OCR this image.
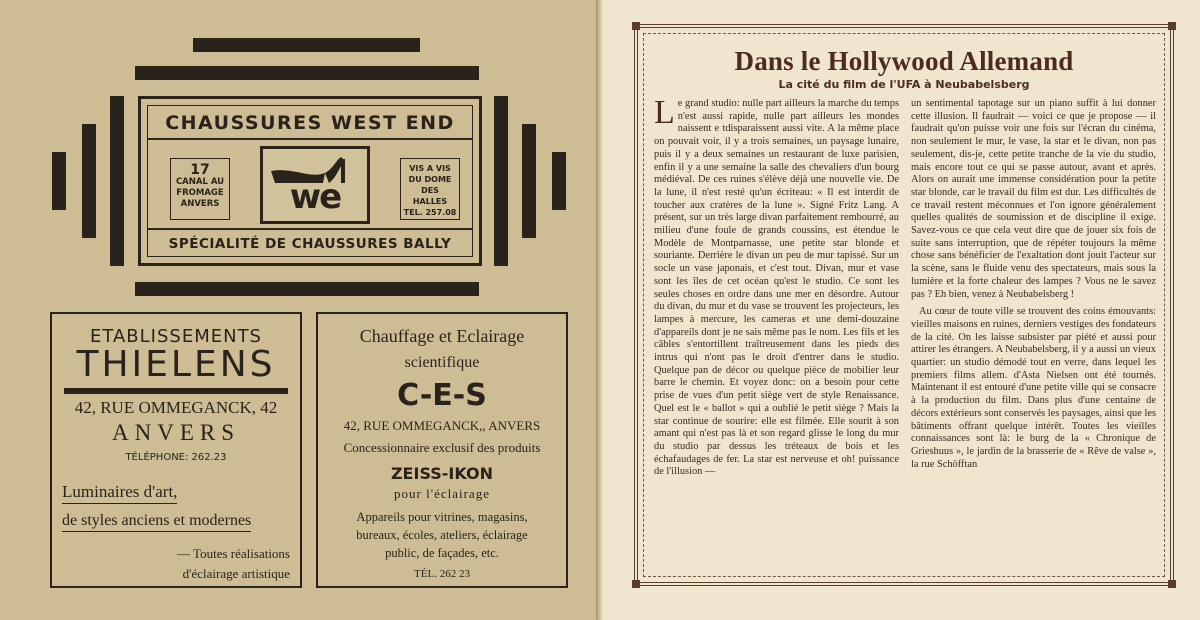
CHAUSSURES WEST END
17
CANAL AU
FROMAGE
ANVERS	we
VIS A VIS
DU DOME
DES
HALLES
TEL. 257.08
SPÉCIALITÉ DE CHAUSSURES BALLY
ETABLISSEMENTS
THIELENS
42, RUE OMMEGANCK, 42
ANVERS
TÉLÉPHONE: 262.23
Luminaires d'art,
de styles anciens et modernes
— Toutes réalisations
d'éclairage artistique
Chauffage et Eclairage
scientifique
C-E-S
42, RUE OMMEGANCK,, ANVERS
Concessionnaire exclusif des produits
ZEISS-IKON
pour l'éclairage
Appareils pour vitrines, magasins,
bureaux, écoles, ateliers, éclairage
public, de façades, etc.
TÉL. 262 23
Dans le Hollywood Allemand
La cité du film de l'UFA à Neubabelsberg

L e grand studio: nulle part ailleurs la marche du temps n'est aussi rapide, nulle part ailleurs les mondes naissent e tdisparaissent aussi vite. A la même place on pouvait voir, il y a trois semaines, un paysage lunaire, puis il y a deux semaines un restaurant de luxe parisien, enfin il y a une semaine la salle des chevaliers d'un bourg médiéval. De ces ruines s'élève déjà une nouvelle vie. De la lune, il n'est resté qu'un écriteau: « Il est interdit de toucher aux cratères de la lune ». Signé Fritz Lang. A présent, sur un très large divan parfaitement rembourré, au milieu d'une foule de grands coussins, est étendue le Modèle de Montparnasse, une petite star blonde et souriante. Derrière le divan un peu de mur tapissé. Sur un socle un vase japonais, et c'est tout. Divan, mur et vase sont les îles de cet océan qu'est le studio. Ce sont les seules choses en ordre dans une mer en désordre. Autour du divan, du mur et du vase se trouvent les projecteurs, les lampes à mercure, les cameras et une demi-douzaine d'appareils dont je ne sais même pas le nom. Les fils et les câbles s'entortillent traîtreusement dans les pieds des intrus qui n'ont pas le droit d'entrer dans le studio. Quelque pan de décor ou quelque pièce de mobilier leur barre le chemin. Et voyez donc: on a besoin pour cette prise de vues d'un petit siège vert de style Renaissance. Quel est le « ballot » qui a oublié le petit siège ? Mais la star continue de sourire: elle est filmée. Elle sourit à son amant qui n'est pas là et son regard glisse le long du mur du studio par dessus les tréteaux de bois et les échafaudages de fer. La star est nerveuse et oh! puissance de l'illusion —

un sentimental tapotage sur un piano suffit à lui donner cette illusion. Il faudrait — voici ce que je propose — il faudrait qu'on puisse voir une fois sur l'écran du cinéma, non seulement le mur, le vase, la star et le divan, non pas seulement, dis-je, cette petite tranche de la vie du studio, mais encore tout ce qui se passe autour, avant et après. Alors on aurait une immense considération pour la petite star blonde, car le travail du film est dur. Les difficultés de ce travail restent méconnues et l'on ignore généralement quelles qualités de soumission et de discipline il exige. Savez-vous ce que cela veut dire que de jouer six fois de suite sans interruption, que de répéter toujours la même chose sans bénéficier de l'exaltation dont jouit l'acteur sur la scène, sans le fluide venu des spectateurs, mais sous la lumière et la forte chaleur des lampes ? Vous ne le savez pas ? Eh bien, venez à Neubabelsberg !

Au cœur de toute ville se trouvent des coins émouvants: vieilles maisons en ruines, derniers vestiges des fondateurs de la cité. On les laisse subsister par piété et aussi pour attirer les étrangers. A Neubabelsberg, il y a aussi un vieux quartier: un studio démodé tout en verre, dans lequel les premiers films allem. d'Asta Nielsen ont été tournés. Maintenant il est entouré d'une petite ville qui se consacre à la production du film. Dans plus d'une centaine de décors extérieurs sont conservés les paysages, ainsi que les bâtiments offrant quelque intérêt. Toutes les vieilles connaissances sont là: le burg de la « Chronique de Grieshuus », le jardin de la brasserie de « Rêve de valse », la rue Schöfftan
